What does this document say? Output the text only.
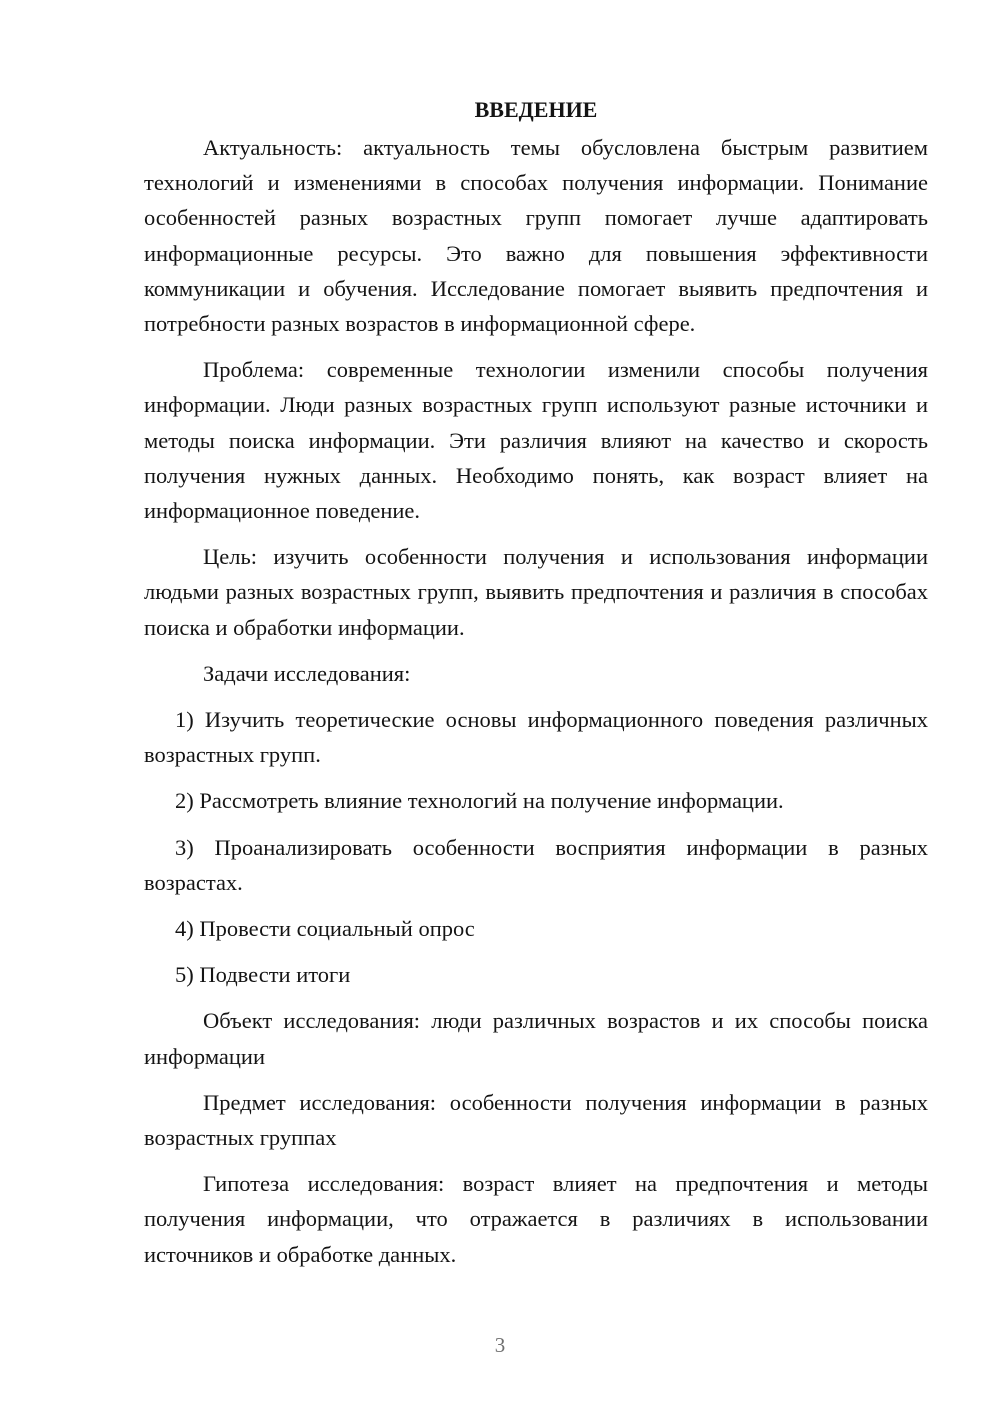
ВВЕДЕНИЕ

Актуальность: актуальность темы обусловлена быстрым развитием технологий и изменениями в способах получения информации. Понимание особенностей разных возрастных групп помогает лучше адаптировать информационные ресурсы. Это важно для повышения эффективности коммуникации и обучения. Исследование помогает выявить предпочтения и потребности разных возрастов в информационной сфере.

Проблема: современные технологии изменили способы получения информации. Люди разных возрастных групп используют разные источники и методы поиска информации. Эти различия влияют на качество и скорость получения нужных данных. Необходимо понять, как возраст влияет на информационное поведение.

Цель: изучить особенности получения и использования информации людьми разных возрастных групп, выявить предпочтения и различия в способах поиска и обработки информации.

Задачи исследования:

1) Изучить теоретические основы информационного поведения различных возрастных групп.

2) Рассмотреть влияние технологий на получение информации.

3) Проанализировать особенности восприятия информации в разных возрастах.

4) Провести социальный опрос

5) Подвести итоги

Объект исследования: люди различных возрастов и их способы поиска информации

Предмет исследования: особенности получения информации в разных возрастных группах

Гипотеза исследования: возраст влияет на предпочтения и методы получения информации, что отражается в различиях в использовании источников и обработке данных.

3
